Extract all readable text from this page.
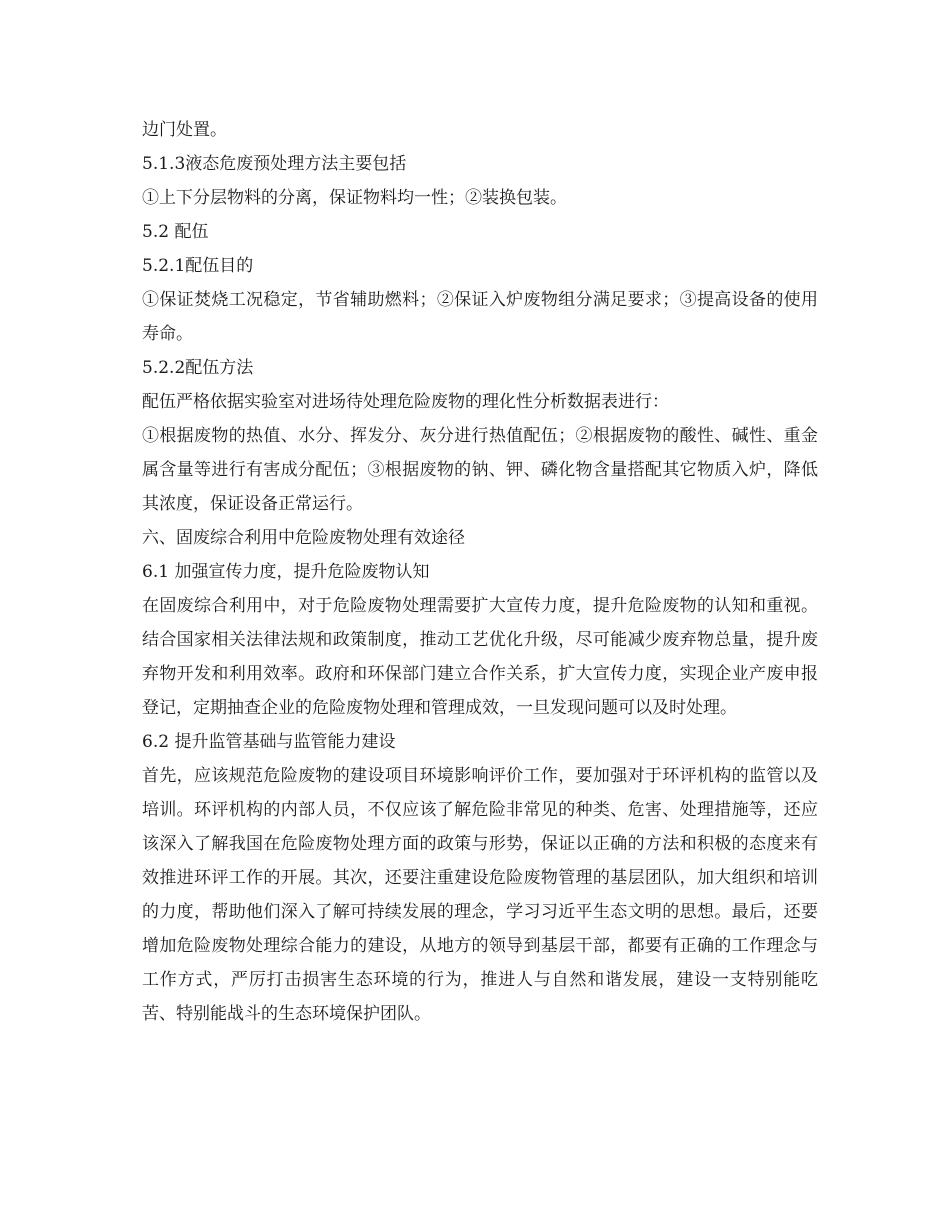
边门处置。
5.1.3液态危废预处理方法主要包括
①上下分层物料的分离，保证物料均一性；②装换包装。
5.2 配伍
5.2.1配伍目的

①保证焚烧工况稳定，节省辅助燃料；②保证入炉废物组分满足要求；③提高设备的使用寿命。

5.2.2配伍方法

配伍严格依据实验室对进场待处理危险废物的理化性分析数据表进行：

①根据废物的热值、水分、挥发分、灰分进行热值配伍；②根据废物的酸性、碱性、重金属含量等进行有害成分配伍；③根据废物的钠、钾、磷化物含量搭配其它物质入炉，降低其浓度，保证设备正常运行。

六、固废综合利用中危险废物处理有效途径
6.1 加强宣传力度，提升危险废物认知

在固废综合利用中，对于危险废物处理需要扩大宣传力度，提升危险废物的认知和重视。结合国家相关法律法规和政策制度，推动工艺优化升级，尽可能减少废弃物总量，提升废弃物开发和利用效率。政府和环保部门建立合作关系，扩大宣传力度，实现企业产废申报登记，定期抽查企业的危险废物处理和管理成效，一旦发现问题可以及时处理。

6.2 提升监管基础与监管能力建设

首先，应该规范危险废物的建设项目环境影响评价工作，要加强对于环评机构的监管以及培训。环评机构的内部人员，不仅应该了解危险非常见的种类、危害、处理措施等，还应该深入了解我国在危险废物处理方面的政策与形势，保证以正确的方法和积极的态度来有效推进环评工作的开展。其次，还要注重建设危险废物管理的基层团队，加大组织和培训的力度，帮助他们深入了解可持续发展的理念，学习习近平生态文明的思想。最后，还要增加危险废物处理综合能力的建设，从地方的领导到基层干部，都要有正确的工作理念与工作方式，严厉打击损害生态环境的行为，推进人与自然和谐发展，建设一支特别能吃苦、特别能战斗的生态环境保护团队。
